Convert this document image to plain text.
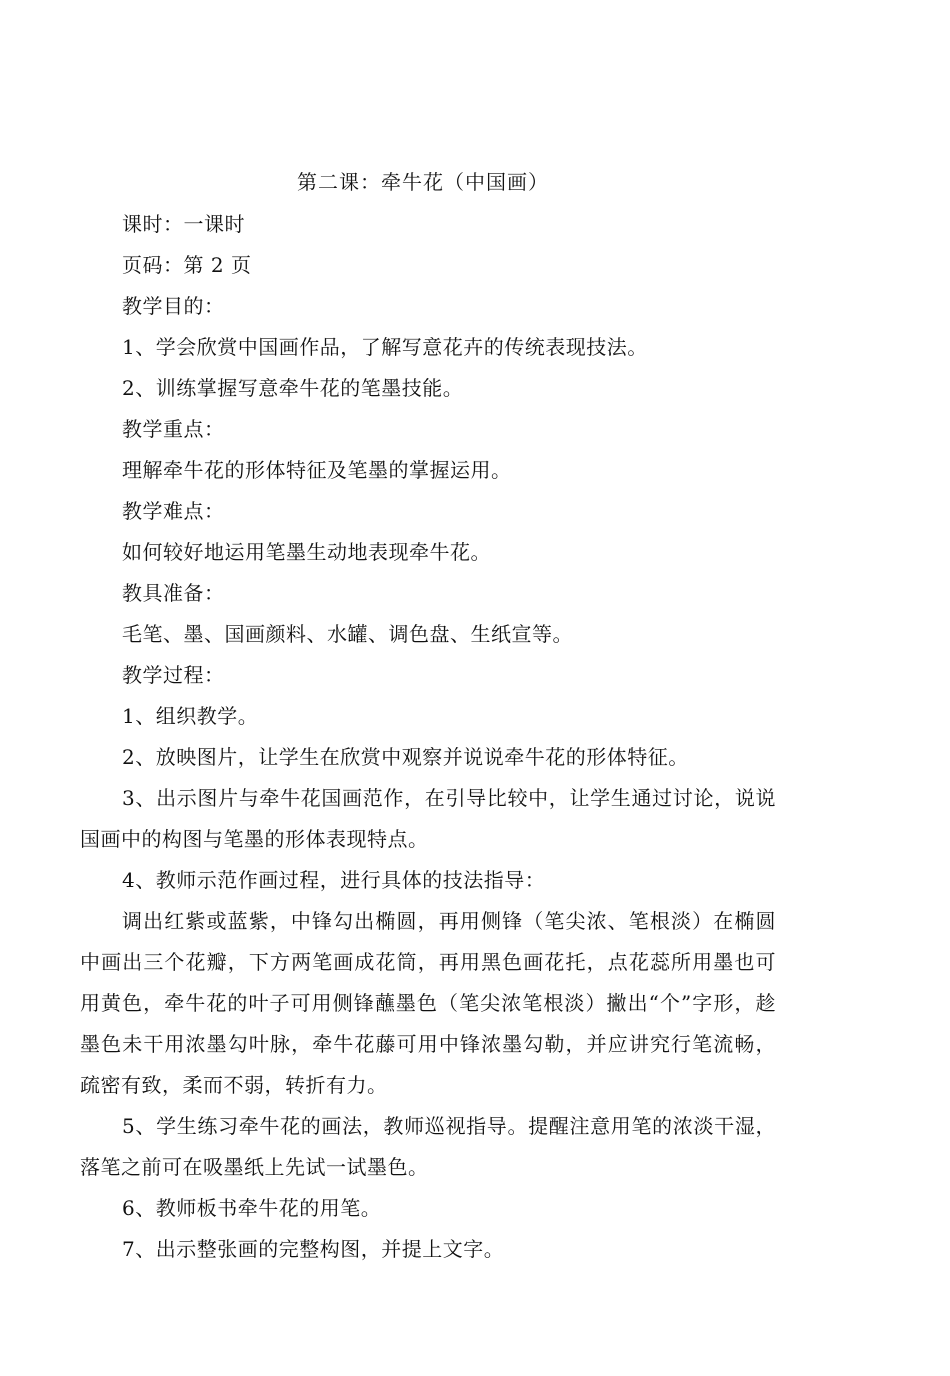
第二课：牵牛花（中国画）

课时：一课时

页码：第 2 页

教学目的：

1、学会欣赏中国画作品，了解写意花卉的传统表现技法。

2、训练掌握写意牵牛花的笔墨技能。

教学重点：

理解牵牛花的形体特征及笔墨的掌握运用。

教学难点：

如何较好地运用笔墨生动地表现牵牛花。

教具准备：

毛笔、墨、国画颜料、水罐、调色盘、生纸宣等。

教学过程：

1、组织教学。

2、放映图片，让学生在欣赏中观察并说说牵牛花的形体特征。

3、出示图片与牵牛花国画范作，在引导比较中，让学生通过讨论，说说国画中的构图与笔墨的形体表现特点。

4、教师示范作画过程，进行具体的技法指导：

调出红紫或蓝紫，中锋勾出椭圆，再用侧锋（笔尖浓、笔根淡）在椭圆中画出三个花瓣，下方两笔画成花筒，再用黑色画花托，点花蕊所用墨也可用黄色，牵牛花的叶子可用侧锋蘸墨色（笔尖浓笔根淡）撇出“个”字形，趁墨色未干用浓墨勾叶脉，牵牛花藤可用中锋浓墨勾勒，并应讲究行笔流畅，疏密有致，柔而不弱，转折有力。

5、学生练习牵牛花的画法，教师巡视指导。提醒注意用笔的浓淡干湿，落笔之前可在吸墨纸上先试一试墨色。

6、教师板书牵牛花的用笔。

7、出示整张画的完整构图，并提上文字。
